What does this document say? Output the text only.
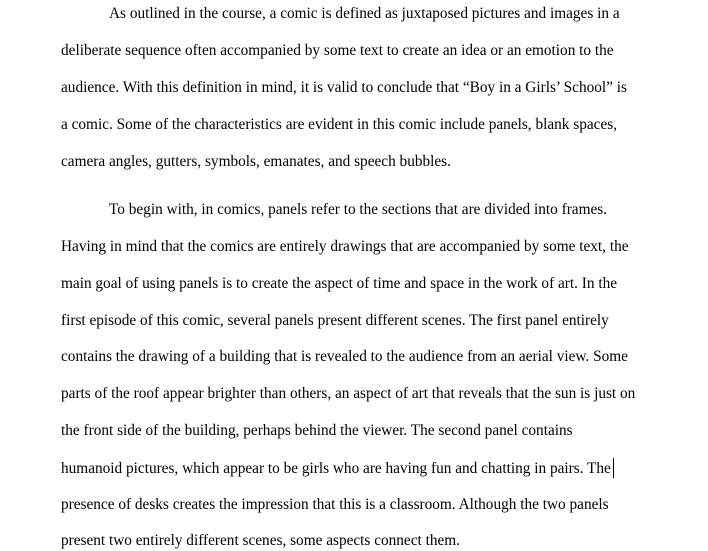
As outlined in the course, a comic is defined as juxtaposed pictures and images in a
deliberate sequence often accompanied by some text to create an idea or an emotion to the
audience. With this definition in mind, it is valid to conclude that “Boy in a Girls’ School” is
a comic. Some of the characteristics are evident in this comic include panels, blank spaces,
camera angles, gutters, symbols, emanates, and speech bubbles.
To begin with, in comics, panels refer to the sections that are divided into frames.
Having in mind that the comics are entirely drawings that are accompanied by some text, the
main goal of using panels is to create the aspect of time and space in the work of art. In the
first episode of this comic, several panels present different scenes. The first panel entirely
contains the drawing of a building that is revealed to the audience from an aerial view. Some
parts of the roof appear brighter than others, an aspect of art that reveals that the sun is just on
the front side of the building, perhaps behind the viewer. The second panel contains
humanoid pictures, which appear to be girls who are having fun and chatting in pairs. The
presence of desks creates the impression that this is a classroom. Although the two panels
present two entirely different scenes, some aspects connect them.
